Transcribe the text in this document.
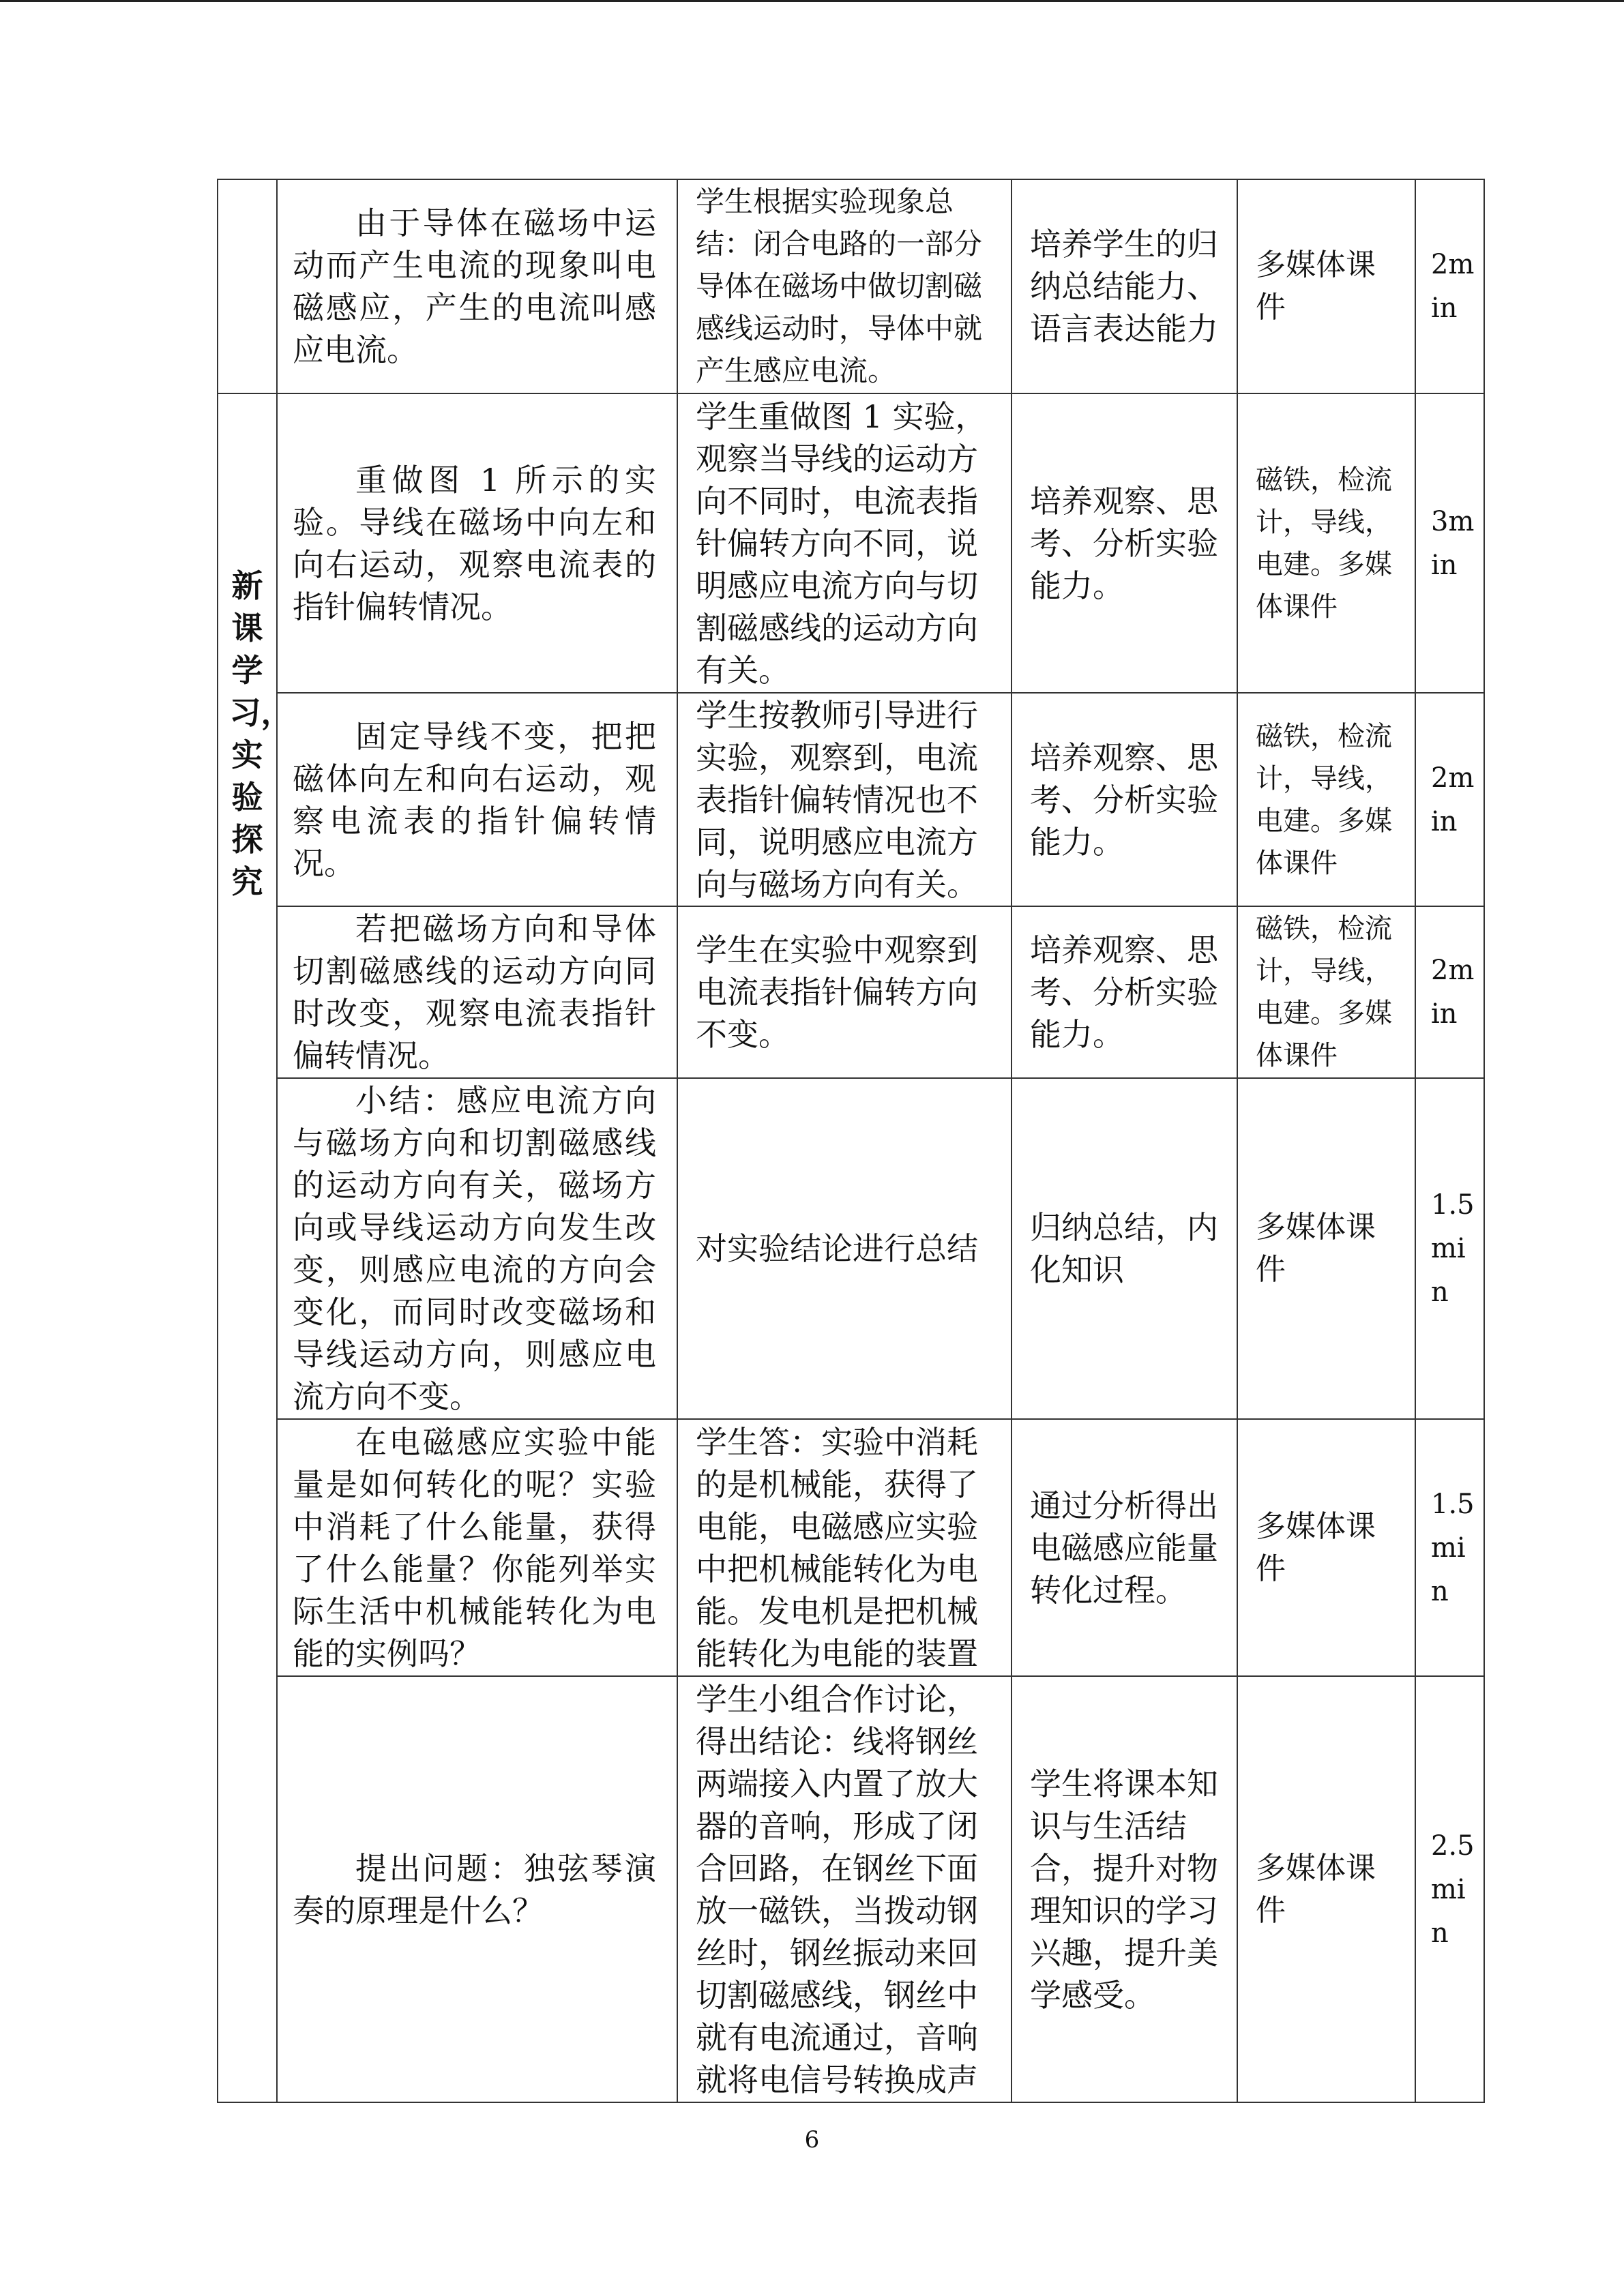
	由于导体在磁场中运动而产生电流的现象叫电磁感应，产生的电流叫感应电流。	学生根据实验现象总结：闭合电路的一部分导体在磁场中做切割磁感线运动时，导体中就产生感应电流。	培养学生的归纳总结能力、语言表达能力	多媒体课件	2min

新课学习，实验探究	重做图 1 所示的实验。导线在磁场中向左和向右运动，观察电流表的指针偏转情况。	学生重做图 1 实验，观察当导线的运动方向不同时，电流表指针偏转方向不同，说明感应电流方向与切割磁感线的运动方向有关。	培养观察、思考、分析实验能力。	磁铁，检流计，导线，电建。多媒体课件	3min

	固定导线不变，把把磁体向左和向右运动，观察电流表的指针偏转情况。	学生按教师引导进行实验，观察到，电流表指针偏转情况也不同，说明感应电流方向与磁场方向有关。	培养观察、思考、分析实验能力。	磁铁，检流计，导线，电建。多媒体课件	2min

	若把磁场方向和导体切割磁感线的运动方向同时改变，观察电流表指针偏转情况。	学生在实验中观察到电流表指针偏转方向不变。	培养观察、思考、分析实验能力。	磁铁，检流计，导线，电建。多媒体课件	2min

	小结：感应电流方向与磁场方向和切割磁感线的运动方向有关，磁场方向或导线运动方向发生改变，则感应电流的方向会变化，而同时改变磁场和导线运动方向，则感应电流方向不变。	对实验结论进行总结	归纳总结，内化知识	多媒体课件	1.5min

	在电磁感应实验中能量是如何转化的呢？实验中消耗了什么能量，获得了什么能量？你能列举实际生活中机械能转化为电能的实例吗？	学生答：实验中消耗的是机械能，获得了电能，电磁感应实验中把机械能转化为电能。发电机是把机械能转化为电能的装置	通过分析得出电磁感应能量转化过程。	多媒体课件	1.5min

	提出问题：独弦琴演奏的原理是什么？	学生小组合作讨论，得出结论：线将钢丝两端接入内置了放大器的音响，形成了闭合回路，在钢丝下面放一磁铁，当拨动钢丝时，钢丝振动来回切割磁感线，钢丝中就有电流通过，音响就将电信号转换成声	学生将课本知识与生活结合，提升对物理知识的学习兴趣，提升美学感受。	多媒体课件	2.5min
6
